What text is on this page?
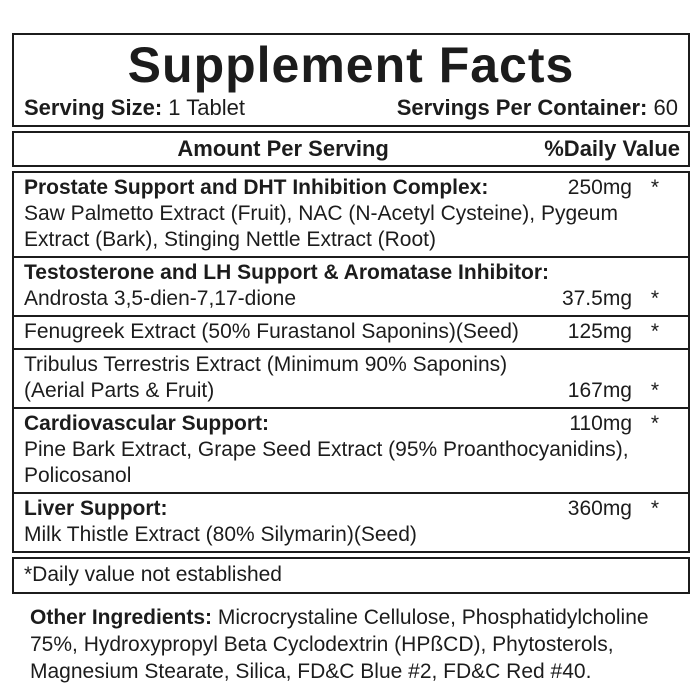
Supplement Facts
Serving Size: 1 Tablet	Servings Per Container: 60
Amount Per Serving	%Daily Value
Prostate Support and DHT Inhibition Complex:	250mg *
Saw Palmetto Extract (Fruit), NAC (N-Acetyl Cysteine), Pygeum
Extract (Bark), Stinging Nettle Extract (Root)
Testosterone and LH Support & Aromatase Inhibitor:
Androsta 3,5-dien-7,17-dione	37.5mg *
Fenugreek Extract (50% Furastanol Saponins)(Seed)	125mg *
Tribulus Terrestris Extract (Minimum 90% Saponins)
(Aerial Parts & Fruit)	167mg *
Cardiovascular Support:	110mg *
Pine Bark Extract, Grape Seed Extract (95% Proanthocyanidins),
Policosanol
Liver Support:	360mg *
Milk Thistle Extract (80% Silymarin)(Seed)
*Daily value not established
Other Ingredients: Microcrystaline Cellulose, Phosphatidylcholine
75%, Hydroxypropyl Beta Cyclodextrin (HPßCD), Phytosterols,
Magnesium Stearate, Silica, FD&C Blue #2, FD&C Red #40.
